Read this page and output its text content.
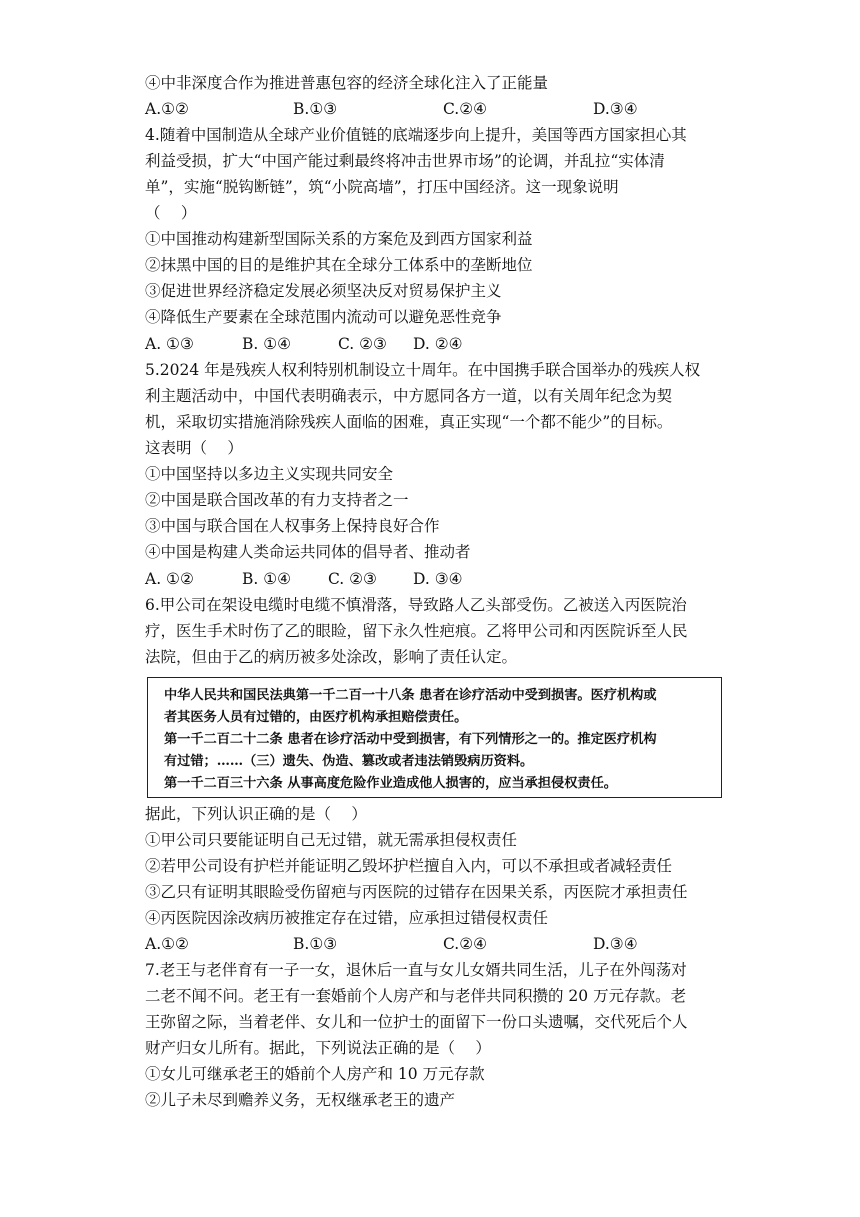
④中非深度合作为推进普惠包容的经济全球化注入了正能量
A.①②	B.①③	C.②④	D.③④
4.随着中国制造从全球产业价值链的底端逐步向上提升，美国等西方国家担心其
利益受损，扩大“中国产能过剩最终将冲击世界市场”的论调，并乱拉“实体清
单”，实施“脱钩断链”，筑“小院高墙”，打压中国经济。这一现象说明
（　 ）
①中国推动构建新型国际关系的方案危及到西方国家利益
②抹黑中国的目的是维护其在全球分工体系中的垄断地位
③促进世界经济稳定发展必须坚决反对贸易保护主义
④降低生产要素在全球范围内流动可以避免恶性竞争
A. ①③	B. ①④	C. ②③ D. ②④
5.2024 年是残疾人权利特别机制设立十周年。在中国携手联合国举办的残疾人权
利主题活动中，中国代表明确表示，中方愿同各方一道，以有关周年纪念为契
机，采取切实措施消除残疾人面临的困难，真正实现“一个都不能少”的目标。
这表明（　 ）
①中国坚持以多边主义实现共同安全
②中国是联合国改革的有力支持者之一
③中国与联合国在人权事务上保持良好合作
④中国是构建人类命运共同体的倡导者、推动者
A. ①②	B. ①④ C. ②③ D. ③④
6.甲公司在架设电缆时电缆不慎滑落，导致路人乙头部受伤。乙被送入丙医院治
疗，医生手术时伤了乙的眼睑，留下永久性疤痕。乙将甲公司和丙医院诉至人民
法院，但由于乙的病历被多处涂改，影响了责任认定。
中华人民共和国民法典第一千二百一十八条 患者在诊疗活动中受到损害。医疗机构或
者其医务人员有过错的，由医疗机构承担赔偿责任。
第一千二百二十二条 患者在诊疗活动中受到损害，有下列情形之一的。推定医疗机构
有过错；……（三）遗失、伪造、篡改或者违法销毁病历资料。
第一千二百三十六条 从事高度危险作业造成他人损害的，应当承担侵权责任。
据此，下列认识正确的是（　 ）
①甲公司只要能证明自己无过错，就无需承担侵权责任
②若甲公司设有护栏并能证明乙毁坏护栏擅自入内，可以不承担或者减轻责任
③乙只有证明其眼睑受伤留疤与丙医院的过错存在因果关系，丙医院才承担责任
④丙医院因涂改病历被推定存在过错，应承担过错侵权责任
A.①②	B.①③	C.②④	D.③④
7.老王与老伴育有一子一女，退休后一直与女儿女婿共同生活，儿子在外闯荡对
二老不闻不问。老王有一套婚前个人房产和与老伴共同积攒的 20 万元存款。老
王弥留之际，当着老伴、女儿和一位护士的面留下一份口头遗嘱，交代死后个人
财产归女儿所有。据此，下列说法正确的是（　 ）
①女儿可继承老王的婚前个人房产和 10 万元存款
②儿子未尽到赡养义务，无权继承老王的遗产
